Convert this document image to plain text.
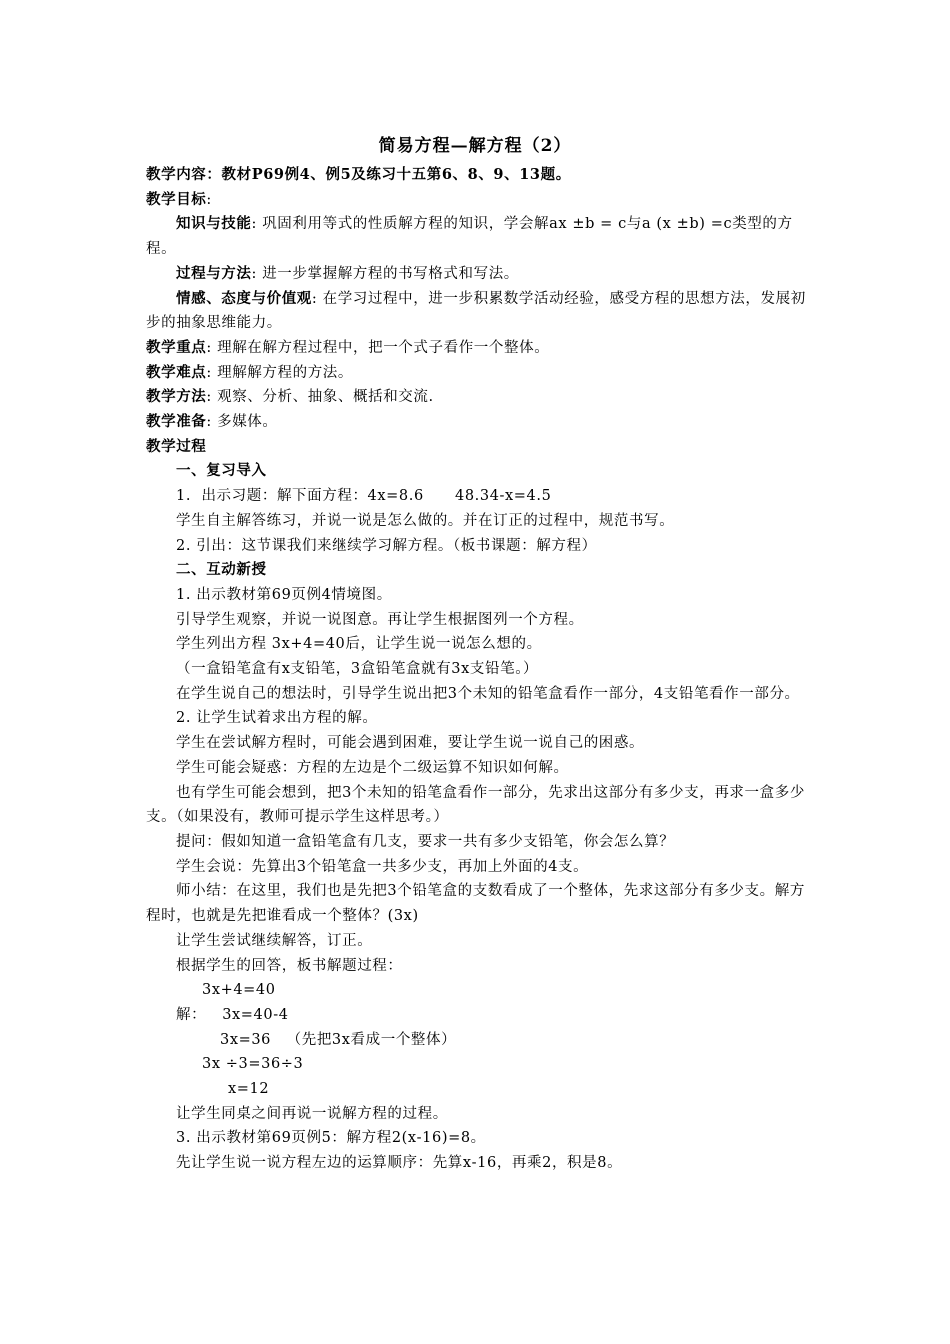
简易方程—解方程（2）

教学内容：教材P69例4、例5及练习十五第6、8、9、13题。

教学目标:

知识与技能: 巩固利用等式的性质解方程的知识，学会解aⅹ ±b = c与a (ⅹ ±b) =c类型的方程。

过程与方法: 进一步掌握解方程的书写格式和写法。

情感、态度与价值观: 在学习过程中，进一步积累数学活动经验，感受方程的思想方法，发展初步的抽象思维能力。

教学重点: 理解在解方程过程中，把一个式子看作一个整体。

教学难点: 理解解方程的方法。

教学方法: 观察、分析、抽象、概括和交流.

教学准备: 多媒体。

教学过程

一、复习导入

1.  出示习题：解下面方程：4ⅹ=8.6      48.34-ⅹ=4.5

学生自主解答练习，并说一说是怎么做的。并在订正的过程中，规范书写。

2. 引出：这节课我们来继续学习解方程。（板书课题：解方程）

二、互动新授

1. 出示教材第69页例4情境图。

引导学生观察，并说一说图意。再让学生根据图列一个方程。

学生列出方程 3ⅹ+4=40后，让学生说一说怎么想的。

（一盒铅笔盒有ⅹ支铅笔，3盒铅笔盒就有3ⅹ支铅笔。）

在学生说自己的想法时，引导学生说出把3个未知的铅笔盒看作一部分，4支铅笔看作一部分。

2. 让学生试着求出方程的解。

学生在尝试解方程时，可能会遇到困难，要让学生说一说自己的困惑。

学生可能会疑惑：方程的左边是个二级运算不知识如何解。

也有学生可能会想到，把3个未知的铅笔盒看作一部分，先求出这部分有多少支，再求一盒多少支。（如果没有，教师可提示学生这样思考。）

提问：假如知道一盒铅笔盒有几支，要求一共有多少支铅笔，你会怎么算？

学生会说：先算出3个铅笔盒一共多少支，再加上外面的4支。

师小结：在这里，我们也是先把3个铅笔盒的支数看成了一个整体，先求这部分有多少支。解方程时，也就是先把谁看成一个整体？(3ⅹ)

让学生尝试继续解答，订正。

根据学生的回答，板书解题过程：

3ⅹ+4=40

解： 3ⅹ=40-4

3ⅹ=36   （先把3ⅹ看成一个整体）

3ⅹ ÷3=36÷3

ⅹ=12

让学生同桌之间再说一说解方程的过程。

3. 出示教材第69页例5：解方程2(ⅹ-16)=8。

先让学生说一说方程左边的运算顺序：先算ⅹ-16，再乘2，积是8。
